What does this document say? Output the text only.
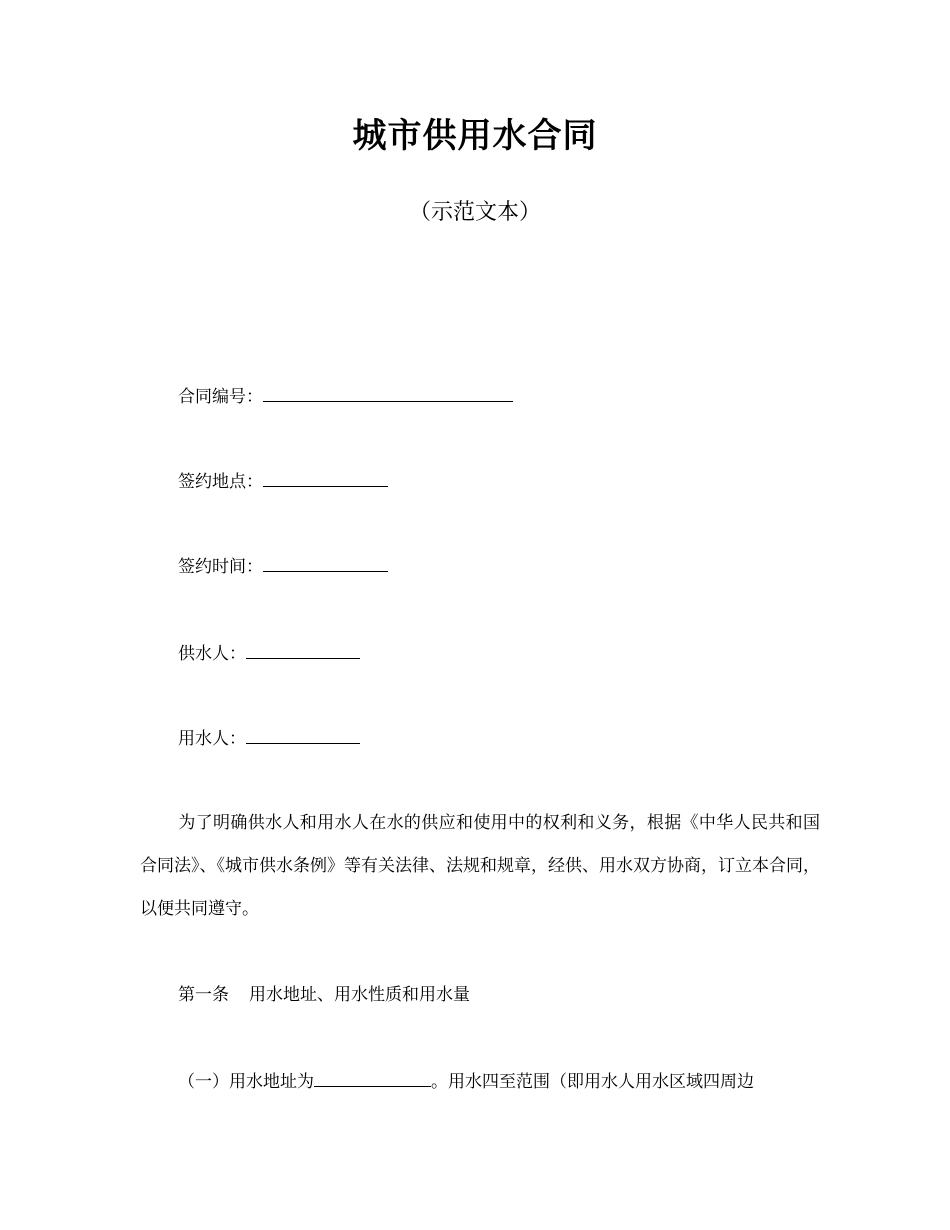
城市供用水合同
（示范文本）
合同编号：
签约地点：
签约时间：
供水人：
用水人：
为了明确供水人和用水人在水的供应和使用中的权利和义务，根据《中华人民共和国合同法》、《城市供水条例》等有关法律、法规和规章，经供、用水双方协商，订立本合同，以便共同遵守。
第一条 用水地址、用水性质和用水量
（一）用水地址为	。用水四至范围（即用水人用水区域四周边
